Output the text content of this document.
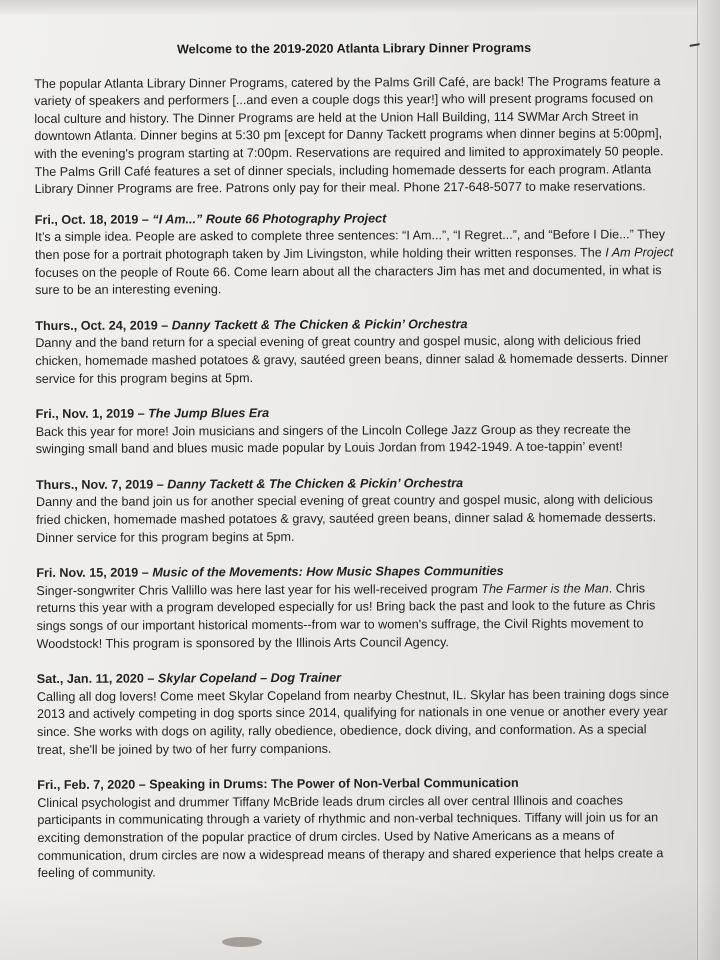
Welcome to the 2019-2020 Atlanta Library Dinner Programs

The popular Atlanta Library Dinner Programs, catered by the Palms Grill Café, are back! The Programs feature a variety of speakers and performers [...and even a couple dogs this year!] who will present programs focused on local culture and history. The Dinner Programs are held at the Union Hall Building, 114 SWMar Arch Street in downtown Atlanta. Dinner begins at 5:30 pm [except for Danny Tackett programs when dinner begins at 5:00pm], with the evening's program starting at 7:00pm. Reservations are required and limited to approximately 50 people. The Palms Grill Café features a set of dinner specials, including homemade desserts for each program. Atlanta Library Dinner Programs are free. Patrons only pay for their meal. Phone 217-648-5077 to make reservations.

Fri., Oct. 18, 2019 – “I Am...” Route 66 Photography Project

It’s a simple idea. People are asked to complete three sentences: “I Am...”, “I Regret...”, and “Before I Die...” They then pose for a portrait photograph taken by Jim Livingston, while holding their written responses. The I Am Project focuses on the people of Route 66. Come learn about all the characters Jim has met and documented, in what is sure to be an interesting evening.

Thurs., Oct. 24, 2019 – Danny Tackett & The Chicken & Pickin’ Orchestra

Danny and the band return for a special evening of great country and gospel music, along with delicious fried chicken, homemade mashed potatoes & gravy, sautéed green beans, dinner salad & homemade desserts. Dinner service for this program begins at 5pm.

Fri., Nov. 1, 2019 – The Jump Blues Era

Back this year for more! Join musicians and singers of the Lincoln College Jazz Group as they recreate the swinging small band and blues music made popular by Louis Jordan from 1942-1949. A toe-tappin’ event!

Thurs., Nov. 7, 2019 – Danny Tackett & The Chicken & Pickin’ Orchestra

Danny and the band join us for another special evening of great country and gospel music, along with delicious fried chicken, homemade mashed potatoes & gravy, sautéed green beans, dinner salad & homemade desserts. Dinner service for this program begins at 5pm.

Fri. Nov. 15, 2019 – Music of the Movements: How Music Shapes Communities

Singer-songwriter Chris Vallillo was here last year for his well-received program The Farmer is the Man. Chris returns this year with a program developed especially for us! Bring back the past and look to the future as Chris sings songs of our important historical moments--from war to women's suffrage, the Civil Rights movement to Woodstock! This program is sponsored by the Illinois Arts Council Agency.

Sat., Jan. 11, 2020 – Skylar Copeland – Dog Trainer

Calling all dog lovers! Come meet Skylar Copeland from nearby Chestnut, IL. Skylar has been training dogs since 2013 and actively competing in dog sports since 2014, qualifying for nationals in one venue or another every year since. She works with dogs on agility, rally obedience, obedience, dock diving, and conformation. As a special treat, she'll be joined by two of her furry companions.

Fri., Feb. 7, 2020 – Speaking in Drums: The Power of Non-Verbal Communication

Clinical psychologist and drummer Tiffany McBride leads drum circles all over central Illinois and coaches participants in communicating through a variety of rhythmic and non-verbal techniques. Tiffany will join us for an exciting demonstration of the popular practice of drum circles. Used by Native Americans as a means of communication, drum circles are now a widespread means of therapy and shared experience that helps create a feeling of community.
